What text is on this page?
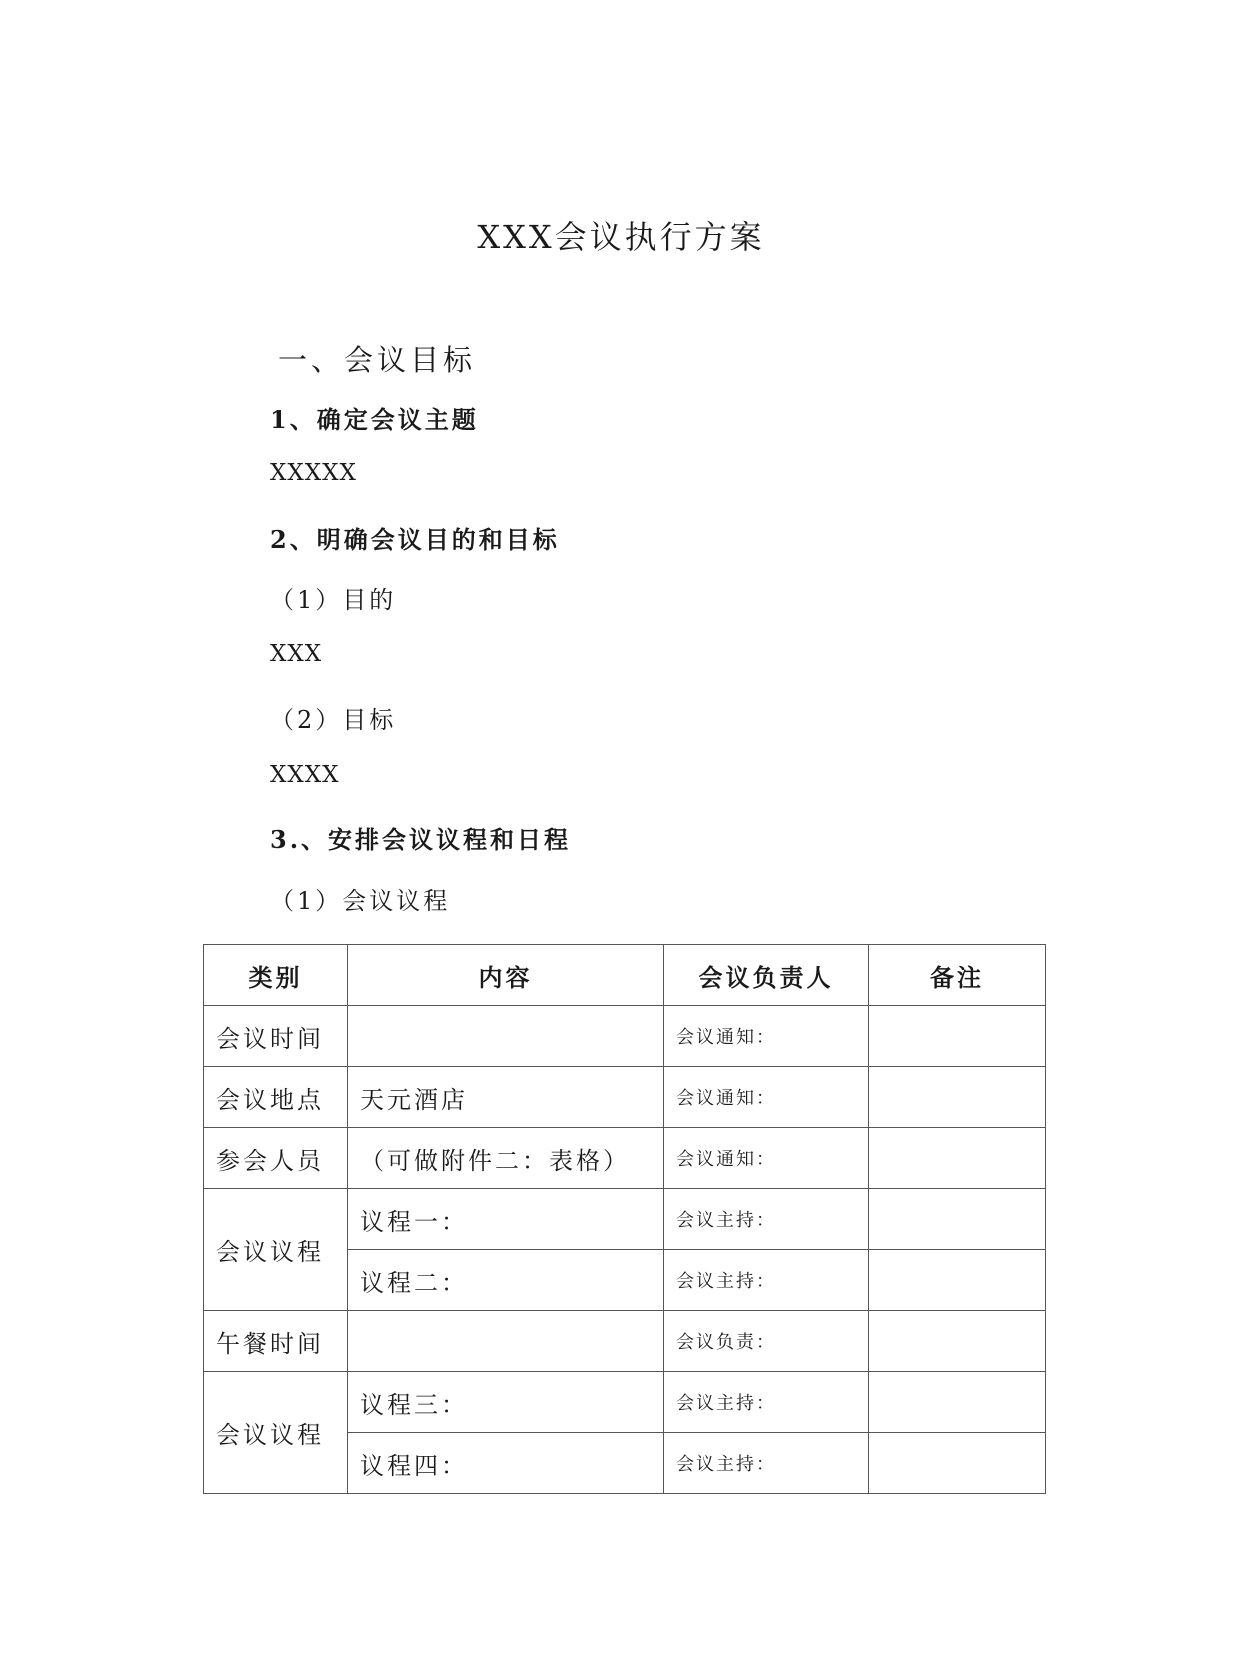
XXX会议执行方案
一、会议目标
1、确定会议主题
XXXXX
2、明确会议目的和目标
（1）目的
XXX
（2）目标
XXXX
3.、安排会议议程和日程
（1）会议议程
类别	内容	会议负责人	备注
会议时间		会议通知：	
会议地点	天元酒店	会议通知：	
参会人员	（可做附件二：表格）	会议通知：	
会议议程	议程一：	会议主持：	
	议程二：	会议主持：	
午餐时间		会议负责：	
会议议程	议程三：	会议主持：	
	议程四：	会议主持：	
